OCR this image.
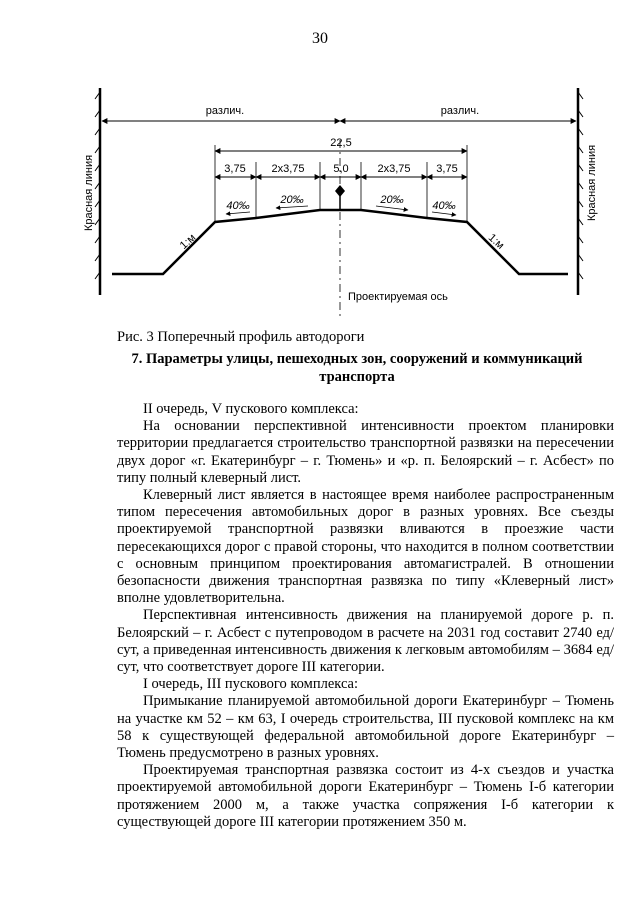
30
Красная линия	Красная линия
различ.	различ.
22,5
3,75 2х3,75	5,0	2х3,75 3,75
40‰	20‰	20‰	40‰
1:м	1:м
Проектируемая ось
Рис. 3 Поперечный профиль автодороги
7. Параметры улицы, пешеходных зон, сооружений и коммуникаций
транспорта

II очередь, V пускового комплекса:

На основании перспективной интенсивности проектом планировки территории предлагается строительство транспортной развязки на пересечении двух дорог «г. Екатеринбург – г. Тюмень» и «р. п. Белоярский – г. Асбест» по типу полный клеверный лист.

Клеверный лист является в настоящее время наиболее распространенным типом пересечения автомобильных дорог в разных уровнях. Все съезды проектируемой транспортной развязки вливаются в проезжие части пересекающихся дорог с правой стороны, что находится в полном соответствии с основным принципом проектирования автомагистралей. В отношении безопасности движения транспортная развязка по типу «Клеверный лист» вполне удовлетворительна.

Перспективная интенсивность движения на планируемой дороге р. п. Белоярский – г. Асбест с путепроводом в расчете на 2031 год составит 2740 ед/сут, а приведенная интенсивность движения к легковым автомобилям – 3684 ед/сут, что соответствует дороге III категории.

I очередь, III пускового комплекса:

Примыкание планируемой автомобильной дороги Екатеринбург – Тюмень на участке км 52 – км 63, I очередь строительства, III пусковой комплекс на км 58 к существующей федеральной автомобильной дороге Екатеринбург – Тюмень предусмотрено в разных уровнях.

Проектируемая транспортная развязка состоит из 4-х съездов и участка проектируемой автомобильной дороги Екатеринбург – Тюмень I-б категории протяжением 2000 м, а также участка сопряжения I-б категории к существующей дороге III категории протяжением 350 м.
